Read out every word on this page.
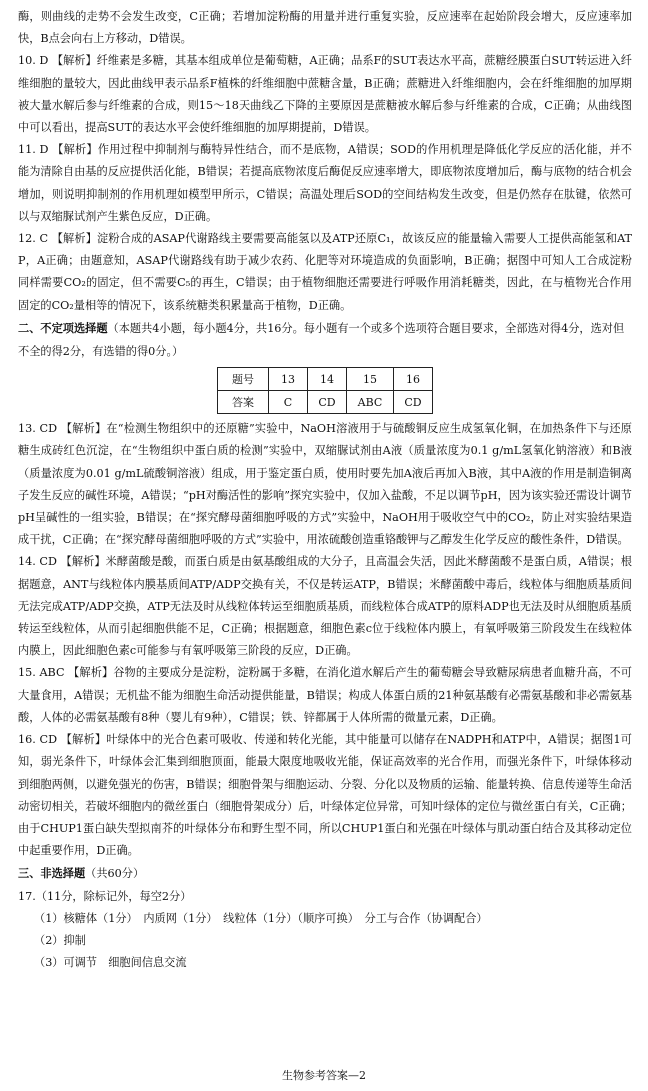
酶，则曲线的走势不会发生改变，C正确；若增加淀粉酶的用量并进行重复实验，反应速率在起始阶段会增大，反应速率加快，B点会向右上方移动，D错误。

10. D 【解析】纤维素是多糖，其基本组成单位是葡萄糖，A正确；品系F的SUT表达水平高，蔗糖经膜蛋白SUT转运进入纤维细胞的量较大，因此曲线甲表示品系F植株的纤维细胞中蔗糖含量，B正确；蔗糖进入纤维细胞内，会在纤维细胞的加厚期被大量水解后参与纤维素的合成，则15～18天曲线乙下降的主要原因是蔗糖被水解后参与纤维素的合成，C正确；从曲线图中可以看出，提高SUT的表达水平会使纤维细胞的加厚期提前，D错误。

11. D 【解析】作用过程中抑制剂与酶特异性结合，而不是底物，A错误；SOD的作用机理是降低化学反应的活化能，并不能为清除自由基的反应提供活化能，B错误；若提高底物浓度后酶促反应速率增大，即底物浓度增加后，酶与底物的结合机会增加，则说明抑制剂的作用机理如模型甲所示，C错误；高温处理后SOD的空间结构发生改变，但是仍然存在肽键，依然可以与双缩脲试剂产生紫色反应，D正确。

12. C 【解析】淀粉合成的ASAP代谢路线主要需要高能氢以及ATP还原C₁，故该反应的能量输入需要人工提供高能氢和ATP，A正确；由题意知，ASAP代谢路线有助于减少农药、化肥等对环境造成的负面影响，B正确；据图中可知人工合成淀粉同样需要CO₂的固定，但不需要C₅的再生，C错误；由于植物细胞还需要进行呼吸作用消耗糖类，因此，在与植物光合作用固定的CO₂量相等的情况下，该系统糖类积累量高于植物，D正确。

二、不定项选择题（本题共4小题，每小题4分，共16分。每小题有一个或多个选项符合题目要求，全部选对得4分，选对但不全的得2分，有选错的得0分。）

题号	13	14	15	16
答案	C	CD	ABC	CD

13. CD 【解析】在“检测生物组织中的还原糖”实验中，NaOH溶液用于与硫酸铜反应生成氢氧化铜，在加热条件下与还原糖生成砖红色沉淀，在“生物组织中蛋白质的检测”实验中，双缩脲试剂由A液（质量浓度为0.1 g/mL氢氧化钠溶液）和B液（质量浓度为0.01 g/mL硫酸铜溶液）组成，用于鉴定蛋白质，使用时要先加A液后再加入B液，其中A液的作用是制造铜离子发生反应的碱性环境，A错误；“pH对酶活性的影响”探究实验中，仅加入盐酸，不足以调节pH，因为该实验还需设计调节pH呈碱性的一组实验，B错误；在“探究酵母菌细胞呼吸的方式”实验中，NaOH用于吸收空气中的CO₂，防止对实验结果造成干扰，C正确；在“探究酵母菌细胞呼吸的方式”实验中，用浓硫酸创造重铬酸钾与乙醇发生化学反应的酸性条件，D错误。

14. CD 【解析】米酵菌酸是酸，而蛋白质是由氨基酸组成的大分子，且高温会失活，因此米酵菌酸不是蛋白质，A错误；根据题意，ANT与线粒体内膜基质间ATP/ADP交换有关，不仅是转运ATP，B错误；米酵菌酸中毒后，线粒体与细胞质基质间无法完成ATP/ADP交换，ATP无法及时从线粒体转运至细胞质基质，而线粒体合成ATP的原料ADP也无法及时从细胞质基质转运至线粒体，从而引起细胞供能不足，C正确；根据题意，细胞色素c位于线粒体内膜上，有氧呼吸第三阶段发生在线粒体内膜上，因此细胞色素c可能参与有氧呼吸第三阶段的反应，D正确。

15. ABC 【解析】谷物的主要成分是淀粉，淀粉属于多糖，在消化道水解后产生的葡萄糖会导致糖尿病患者血糖升高，不可大量食用，A错误；无机盐不能为细胞生命活动提供能量，B错误；构成人体蛋白质的21种氨基酸有必需氨基酸和非必需氨基酸，人体的必需氨基酸有8种（婴儿有9种），C错误；铁、锌都属于人体所需的微量元素，D正确。

16. CD 【解析】叶绿体中的光合色素可吸收、传递和转化光能，其中能量可以储存在NADPH和ATP中，A错误；据图1可知，弱光条件下，叶绿体会汇集到细胞顶面，能最大限度地吸收光能，保证高效率的光合作用，而强光条件下，叶绿体移动到细胞两侧，以避免强光的伤害，B错误；细胞骨架与细胞运动、分裂、分化以及物质的运输、能量转换、信息传递等生命活动密切相关，若破坏细胞内的微丝蛋白（细胞骨架成分）后，叶绿体定位异常，可知叶绿体的定位与微丝蛋白有关，C正确；由于CHUP1蛋白缺失型拟南芥的叶绿体分布和野生型不同，所以CHUP1蛋白和光强在叶绿体与肌动蛋白结合及其移动定位中起重要作用，D正确。

三、非选择题（共60分）

17.（11分，除标记外，每空2分）

（1）核糖体（1分）　内质网（1分）　线粒体（1分）（顺序可换）　分工与合作（协调配合）

（2）抑制

（3）可调节　细胞间信息交流

生物参考答案—2
